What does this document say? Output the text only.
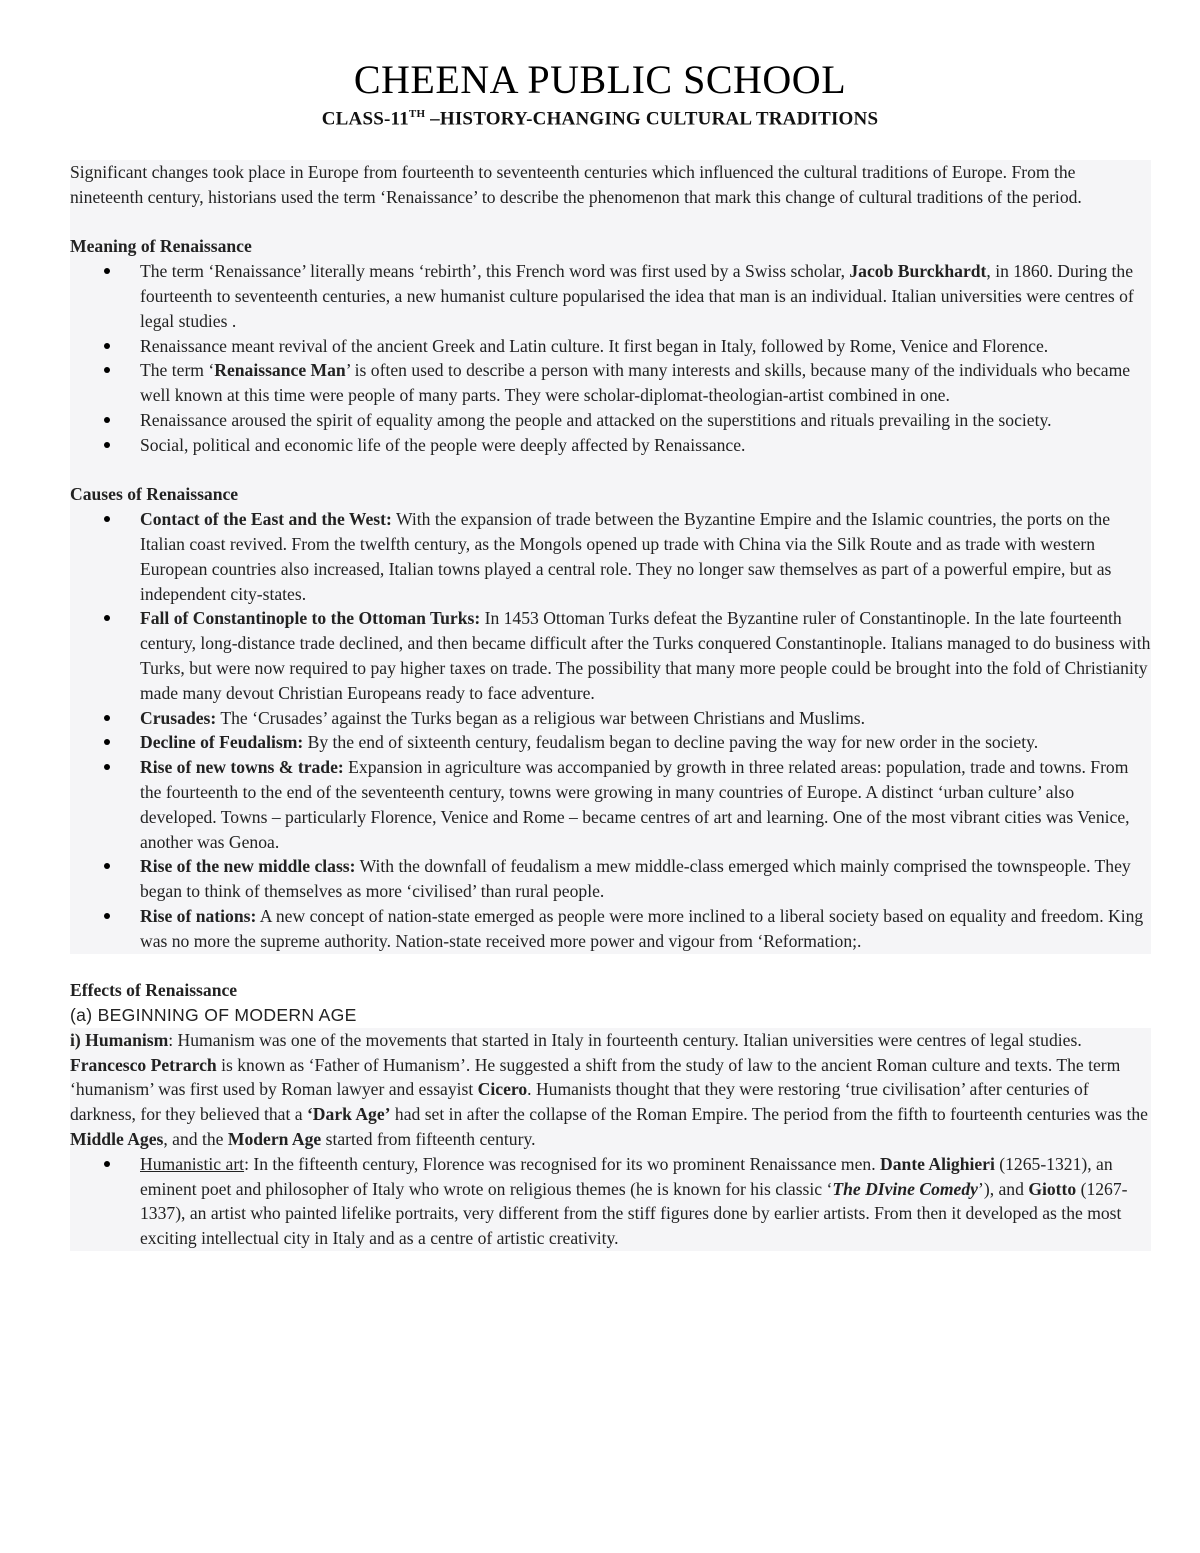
CHEENA PUBLIC SCHOOL
CLASS-11TH –HISTORY-CHANGING CULTURAL TRADITIONS

Significant changes took place in Europe from fourteenth to seventeenth centuries which influenced the cultural traditions of Europe. From the nineteenth century, historians used the term ‘Renaissance’ to describe the phenomenon that mark this change of cultural traditions of the period.

Meaning of Renaissance
The term ‘Renaissance’ literally means ‘rebirth’, this French word was first used by a Swiss scholar, Jacob Burckhardt, in 1860. During the fourteenth to seventeenth centuries, a new humanist culture popularised the idea that man is an individual. Italian universities were centres of legal studies .
Renaissance meant revival of the ancient Greek and Latin culture. It first began in Italy, followed by Rome, Venice and Florence.
The term ‘Renaissance Man’ is often used to describe a person with many interests and skills, because many of the individuals who became well known at this time were people of many parts. They were scholar-diplomat-theologian-artist combined in one.
Renaissance aroused the spirit of equality among the people and attacked on the superstitions and rituals prevailing in the society.
Social, political and economic life of the people were deeply affected by Renaissance.
Causes of Renaissance
Contact of the East and the West: With the expansion of trade between the Byzantine Empire and the Islamic countries, the ports on the Italian coast revived. From the twelfth century, as the Mongols opened up trade with China via the Silk Route and as trade with western European countries also increased, Italian towns played a central role. They no longer saw themselves as part of a powerful empire, but as independent city-states.
Fall of Constantinople to the Ottoman Turks: In 1453 Ottoman Turks defeat the Byzantine ruler of Constantinople. In the late fourteenth century, long-distance trade declined, and then became difficult after the Turks conquered Constantinople. Italians managed to do business with Turks, but were now required to pay higher taxes on trade. The possibility that many more people could be brought into the fold of Christianity made many devout Christian Europeans ready to face adventure.
Crusades: The ‘Crusades’ against the Turks began as a religious war between Christians and Muslims.
Decline of Feudalism: By the end of sixteenth century, feudalism began to decline paving the way for new order in the society.
Rise of new towns & trade: Expansion in agriculture was accompanied by growth in three related areas: population, trade and towns. From the fourteenth to the end of the seventeenth century, towns were growing in many countries of Europe. A distinct ‘urban culture’ also developed. Towns – particularly Florence, Venice and Rome – became centres of art and learning. One of the most vibrant cities was Venice, another was Genoa.
Rise of the new middle class: With the downfall of feudalism a mew middle-class emerged which mainly comprised the townspeople. They began to think of themselves as more ‘civilised’ than rural people.
Rise of nations: A new concept of nation-state emerged as people were more inclined to a liberal society based on equality and freedom. King was no more the supreme authority. Nation-state received more power and vigour from ‘Reformation;.
Effects of Renaissance
(a) BEGINNING OF MODERN AGE

i) Humanism: Humanism was one of the movements that started in Italy in fourteenth century. Italian universities were centres of legal studies. Francesco Petrarch is known as ‘Father of Humanism’. He suggested a shift from the study of law to the ancient Roman culture and texts. The term ‘humanism’ was first used by Roman lawyer and essayist Cicero. Humanists thought that they were restoring ‘true civilisation’ after centuries of darkness, for they believed that a ‘Dark Age’ had set in after the collapse of the Roman Empire. The period from the fifth to fourteenth centuries was the Middle Ages, and the Modern Age started from fifteenth century.

Humanistic art: In the fifteenth century, Florence was recognised for its wo prominent Renaissance men. Dante Alighieri (1265-1321), an eminent poet and philosopher of Italy who wrote on religious themes (he is known for his classic ‘The DIvine Comedy’), and Giotto (1267-1337), an artist who painted lifelike portraits, very different from the stiff figures done by earlier artists. From then it developed as the most exciting intellectual city in Italy and as a centre of artistic creativity.
